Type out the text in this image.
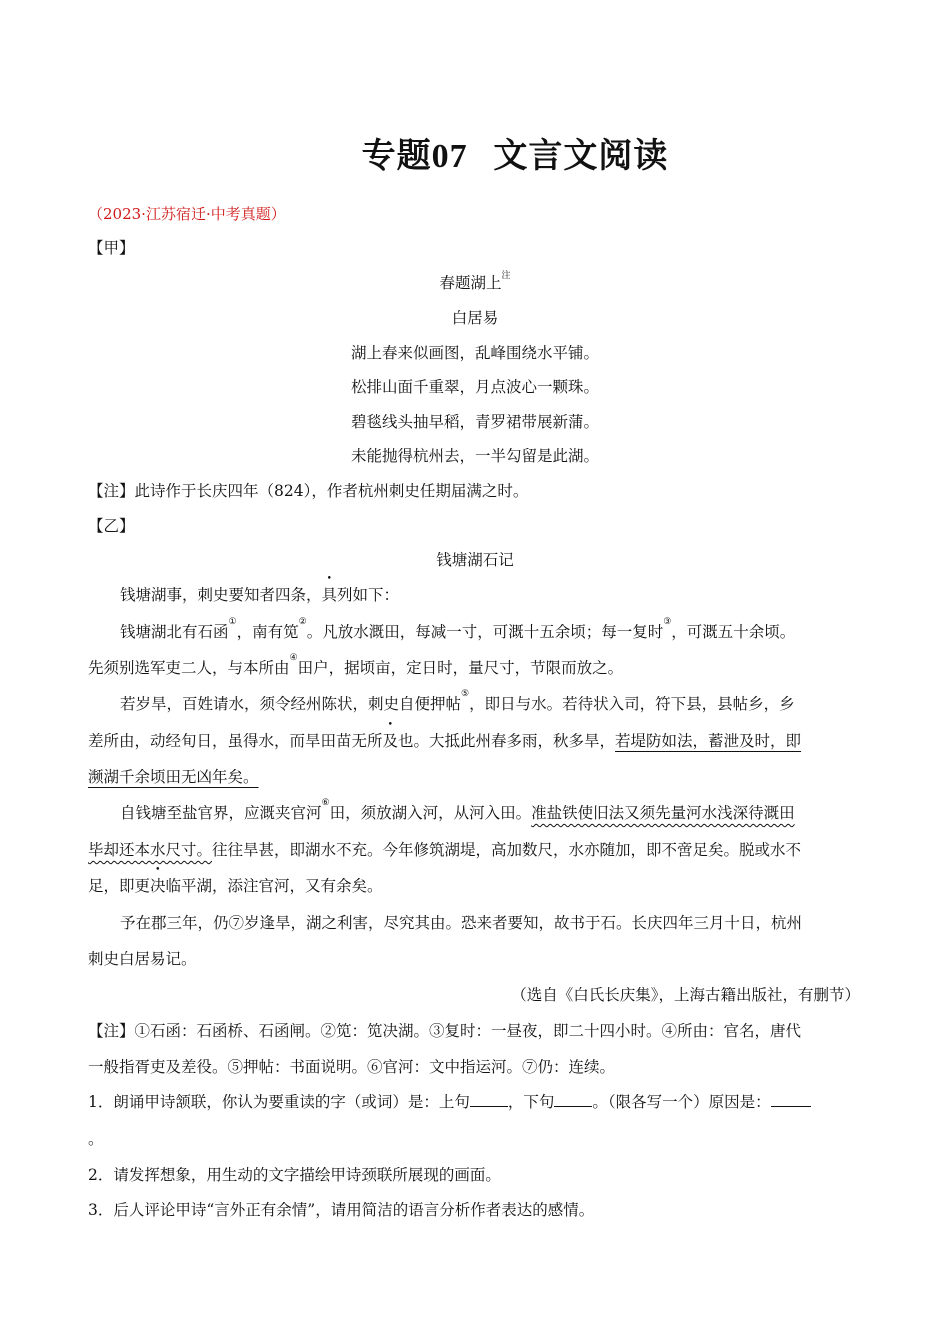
专题07 文言文阅读
（2023·江苏宿迁·中考真题）
【甲】
春题湖上$^注$
白居易
湖上春来似画图，乱峰围绕水平铺。
松排山面千重翠，月点波心一颗珠。
碧毯线头抽早稻，青罗裙带展新蒲。
未能抛得杭州去，一半勾留是此湖。
【注】此诗作于长庆四年（824），作者杭州刺史任期届满之时。
【乙】
钱塘湖石记
钱塘湖事，刺史要知者四条，具列如下：
钱塘湖北有石函①，南有笕②。凡放水溉田，每减一寸，可溉十五余顷；每一复时③，可溉五十余顷。
先须别选军吏二人，与本所由④田户，据顷亩，定日时，量尺寸，节限而放之。
若岁旱，百姓请水，须令经州陈状，刺史自便押帖⑤，即日与水。若待状入司，符下县，县帖乡，乡
差所由，动经旬日，虽得水，而旱田苗无所及也。大抵此州春多雨，秋多旱，若堤防如法，蓄泄及时，即
濒湖千余顷田无凶年矣。
自钱塘至盐官界，应溉夹官河⑥田，须放湖入河，从河入田。准盐铁使旧法又须先量河水浅深待溉田
毕却还本水尺寸。往往旱甚，即湖水不充。今年修筑湖堤，高加数尺，水亦随加，即不啻足矣。脱或水不
足，即更决临平湖，添注官河，又有余矣。
予在郡三年，仍⑦岁逢旱，湖之利害，尽究其由。恐来者要知，故书于石。长庆四年三月十日，杭州
刺史白居易记。
（选自《白氏长庆集》，上海古籍出版社，有删节）
【注】①石函：石函桥、石函闸。②笕：笕决湖。③复时：一昼夜，即二十四小时。④所由：官名，唐代
一般指胥吏及差役。⑤押帖：书面说明。⑥官河：文中指运河。⑦仍：连续。
1．朗诵甲诗颔联，你认为要重读的字（或词）是：上句 ，下句 。（限各写一个）原因是：
。
2．请发挥想象，用生动的文字描绘甲诗颈联所展现的画面。
3．后人评论甲诗“言外正有余情”，请用简洁的语言分析作者表达的感情。
